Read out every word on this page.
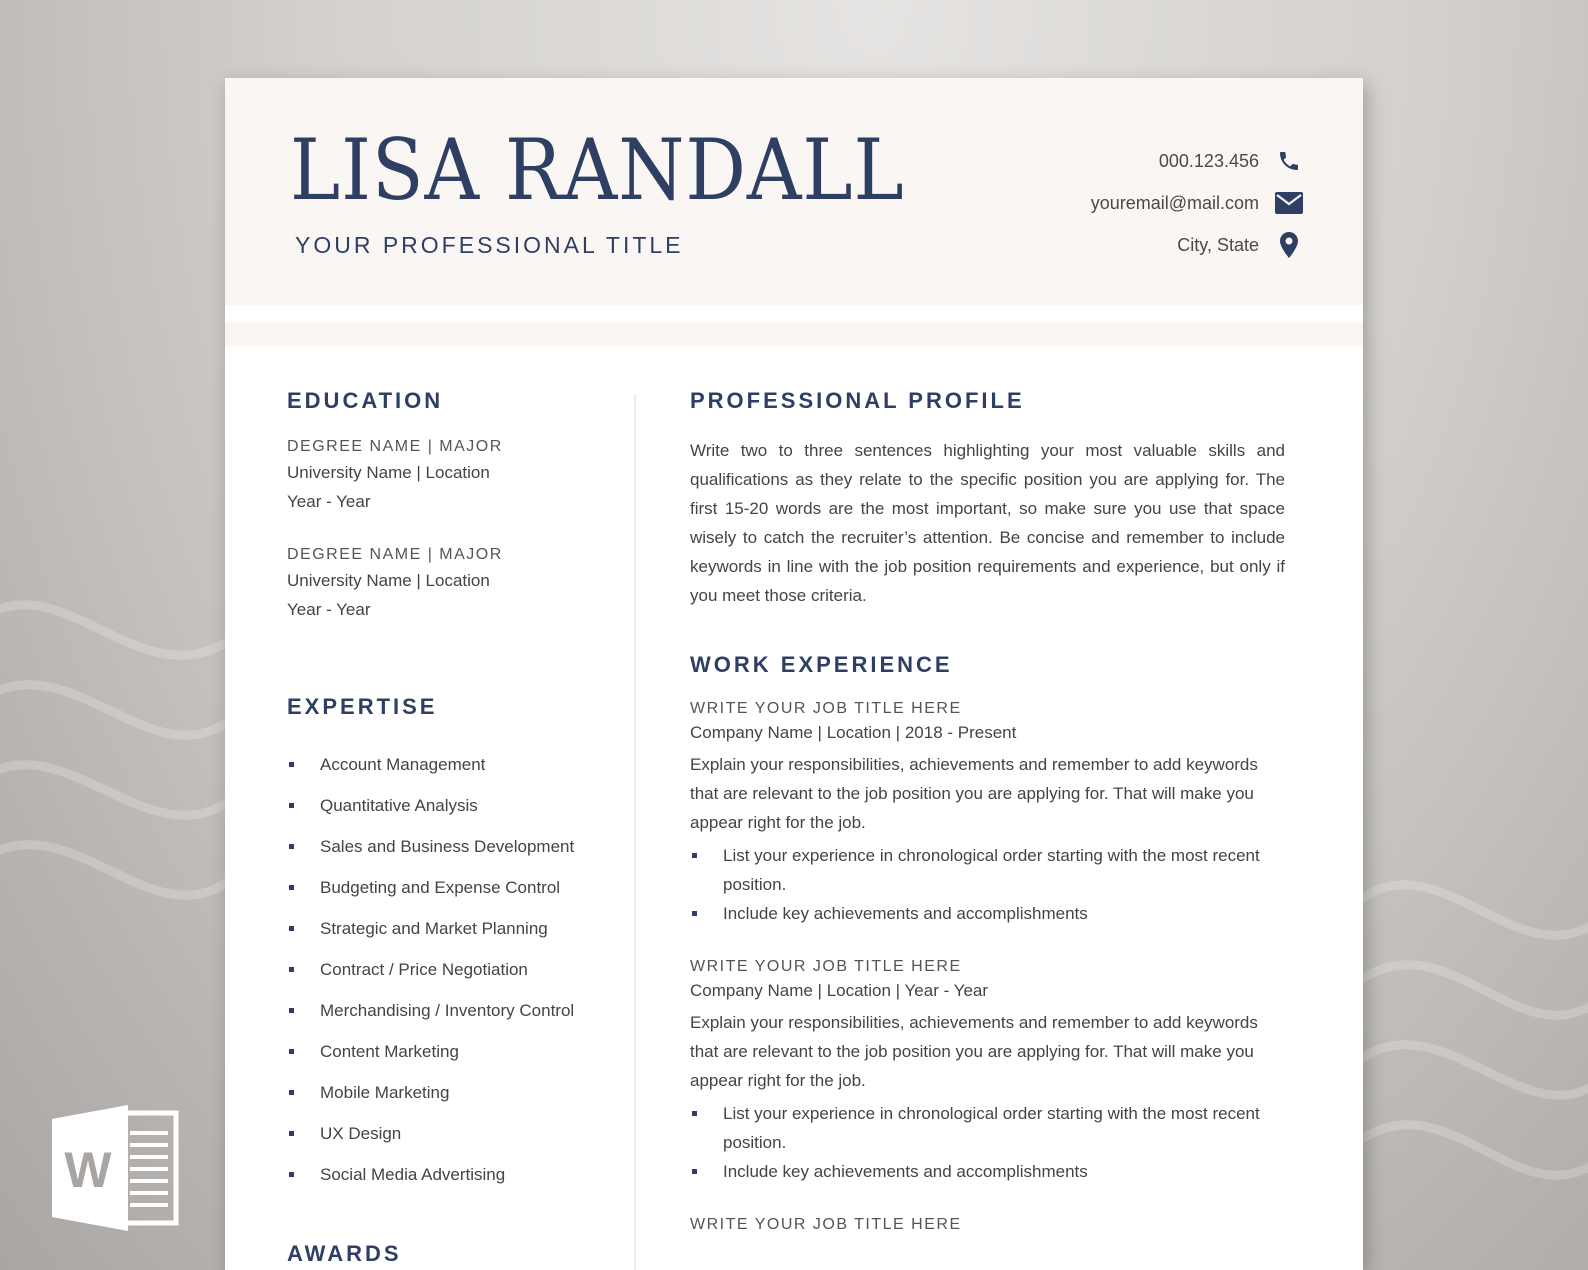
LISA RANDALL
YOUR PROFESSIONAL TITLE
000.123.456
youremail@mail.com
City, State
EDUCATION
DEGREE NAME | MAJOR
University Name | Location
Year - Year
DEGREE NAME | MAJOR
University Name | Location
Year - Year
EXPERTISE
Account Management
Quantitative Analysis
Sales and Business Development
Budgeting and Expense Control
Strategic and Market Planning
Contract / Price Negotiation
Merchandising / Inventory Control
Content Marketing
Mobile Marketing
UX Design
Social Media Advertising
AWARDS
PROFESSIONAL PROFILE

Write two to three sentences highlighting your most valuable skills and qualifications as they relate to the specific position you are applying for. The first 15-20 words are the most important, so make sure you use that space wisely to catch the recruiter’s attention. Be concise and remember to include keywords in line with the job position requirements and experience, but only if you meet those criteria.

WORK EXPERIENCE
WRITE YOUR JOB TITLE HERE
Company Name | Location | 2018 - Present
Explain your responsibilities, achievements and remember to add keywords that are relevant to the job position you are applying for. That will make you appear right for the job.
List your experience in chronological order starting with the most recent position.
Include key achievements and accomplishments
WRITE YOUR JOB TITLE HERE
Company Name | Location | Year - Year
Explain your responsibilities, achievements and remember to add keywords that are relevant to the job position you are applying for. That will make you appear right for the job.
List your experience in chronological order starting with the most recent position.
Include key achievements and accomplishments
WRITE YOUR JOB TITLE HERE
W
